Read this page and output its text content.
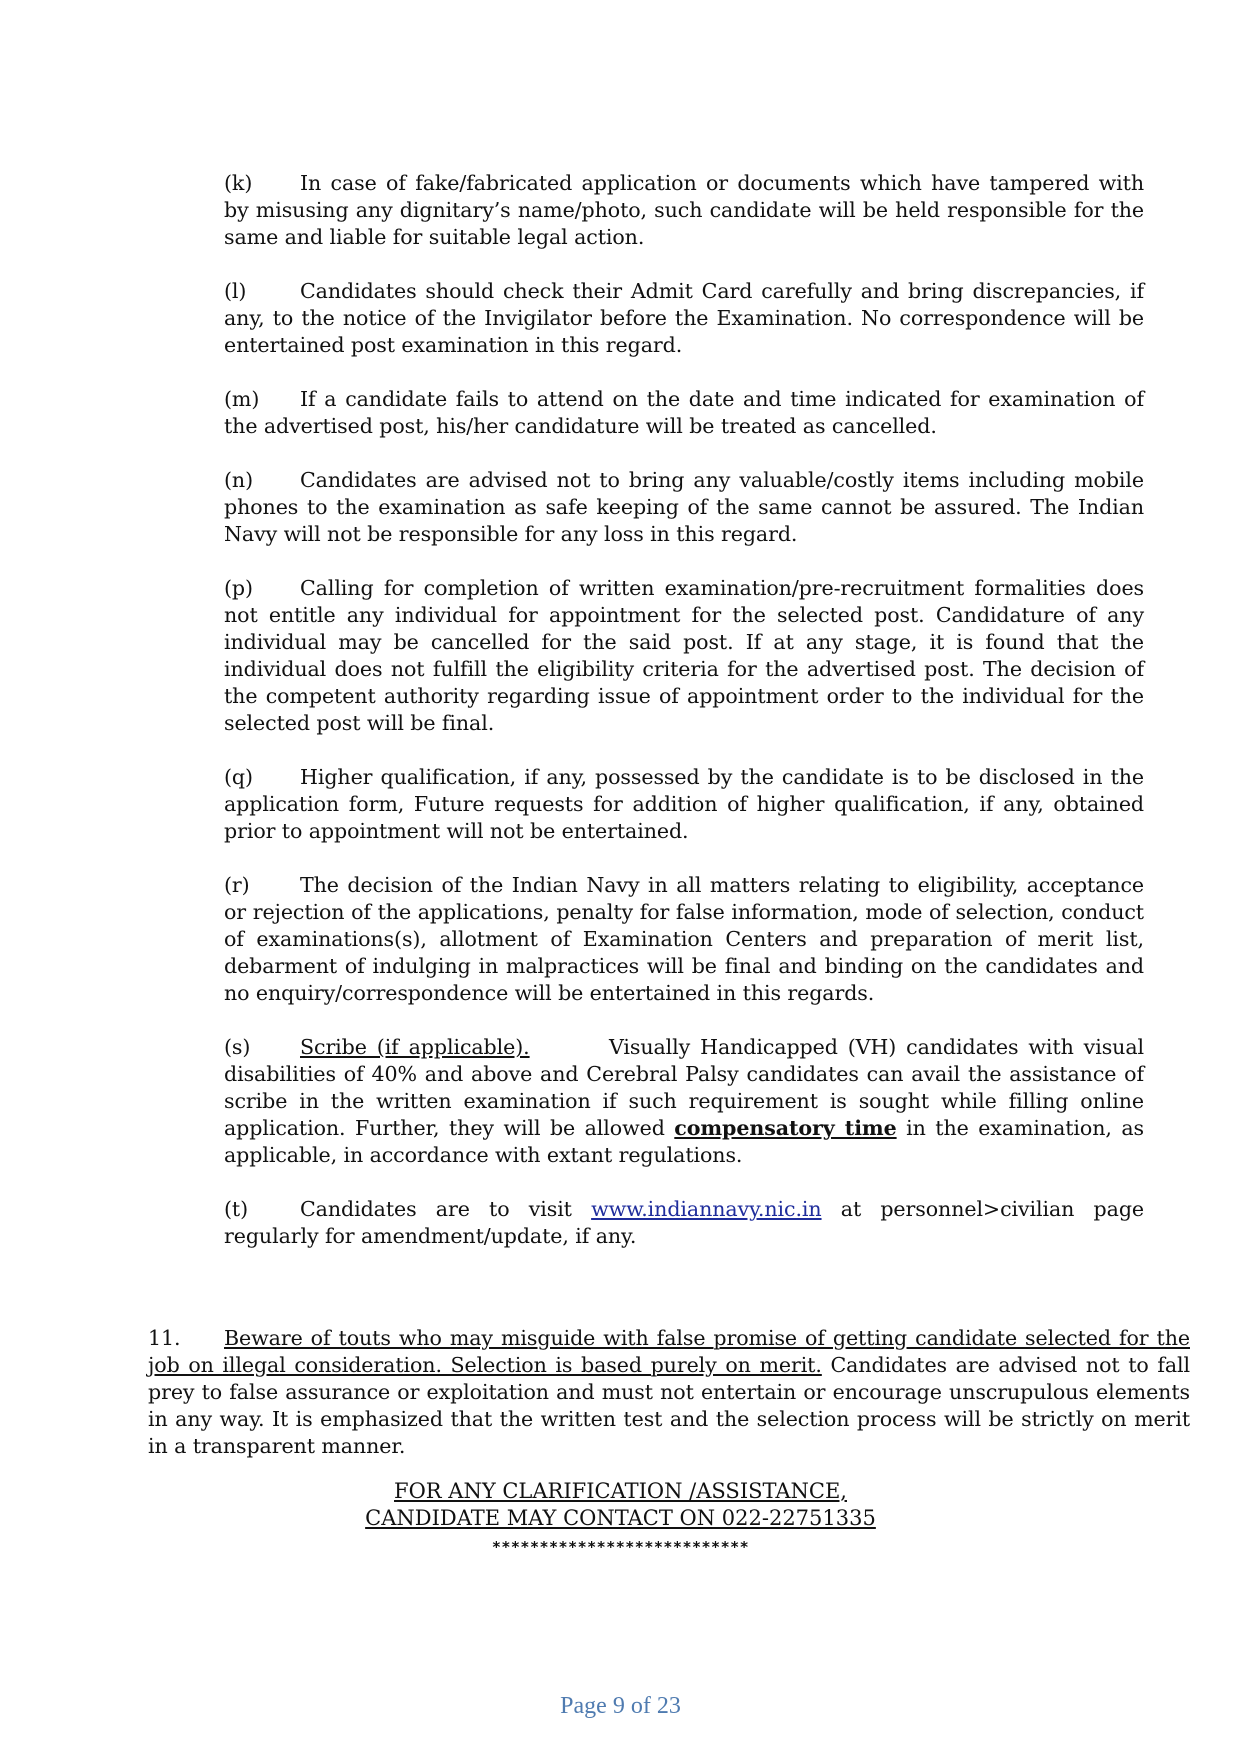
(k) In case of fake/fabricated application or documents which have tampered with by misusing any dignitary’s name/photo, such candidate will be held responsible for the same and liable for suitable legal action.

(l)	Candidates should check their Admit Card carefully and bring discrepancies, if any, to the notice of the Invigilator before the Examination. No correspondence will be entertained post examination in this regard.

(m) If a candidate fails to attend on the date and time indicated for examination of the advertised post, his/her candidature will be treated as cancelled.

(n) Candidates are advised not to bring any valuable/costly items including mobile phones to the examination as safe keeping of the same cannot be assured. The Indian Navy will not be responsible for any loss in this regard.

(p) Calling for completion of written examination/pre-recruitment formalities does not entitle any individual for appointment for the selected post. Candidature of any individual may be cancelled for the said post. If at any stage, it is found that the individual does not fulfill the eligibility criteria for the advertised post. The decision of the competent authority regarding issue of appointment order to the individual for the selected post will be final.

(q) Higher qualification, if any, possessed by the candidate is to be disclosed in the application form, Future requests for addition of higher qualification, if any, obtained prior to appointment will not be entertained.

(r) The decision of the Indian Navy in all matters relating to eligibility, acceptance or rejection of the applications, penalty for false information, mode of selection, conduct of examinations(s), allotment of Examination Centers and preparation of merit list, debarment of indulging in malpractices will be final and binding on the candidates and no enquiry/correspondence will be entertained in this regards.

(s) Scribe (if applicable).	Visually Handicapped (VH) candidates with visual disabilities of 40% and above and Cerebral Palsy candidates can avail the assistance of scribe in the written examination if such requirement is sought while filling online application. Further, they will be allowed compensatory time in the examination, as applicable, in accordance with extant regulations.

(t)	Candidates are to visit www.indiannavy.nic.in at personnel>civilian page regularly for amendment/update, if any.

11. Beware of touts who may misguide with false promise of getting candidate selected for the job on illegal consideration. Selection is based purely on merit. Candidates are advised not to fall prey to false assurance or exploitation and must not entertain or encourage unscrupulous elements in any way. It is emphasized that the written test and the selection process will be strictly on merit in a transparent manner.

FOR ANY CLARIFICATION /ASSISTANCE,
CANDIDATE MAY CONTACT ON 022-22751335
***************************
Page 9 of 23
